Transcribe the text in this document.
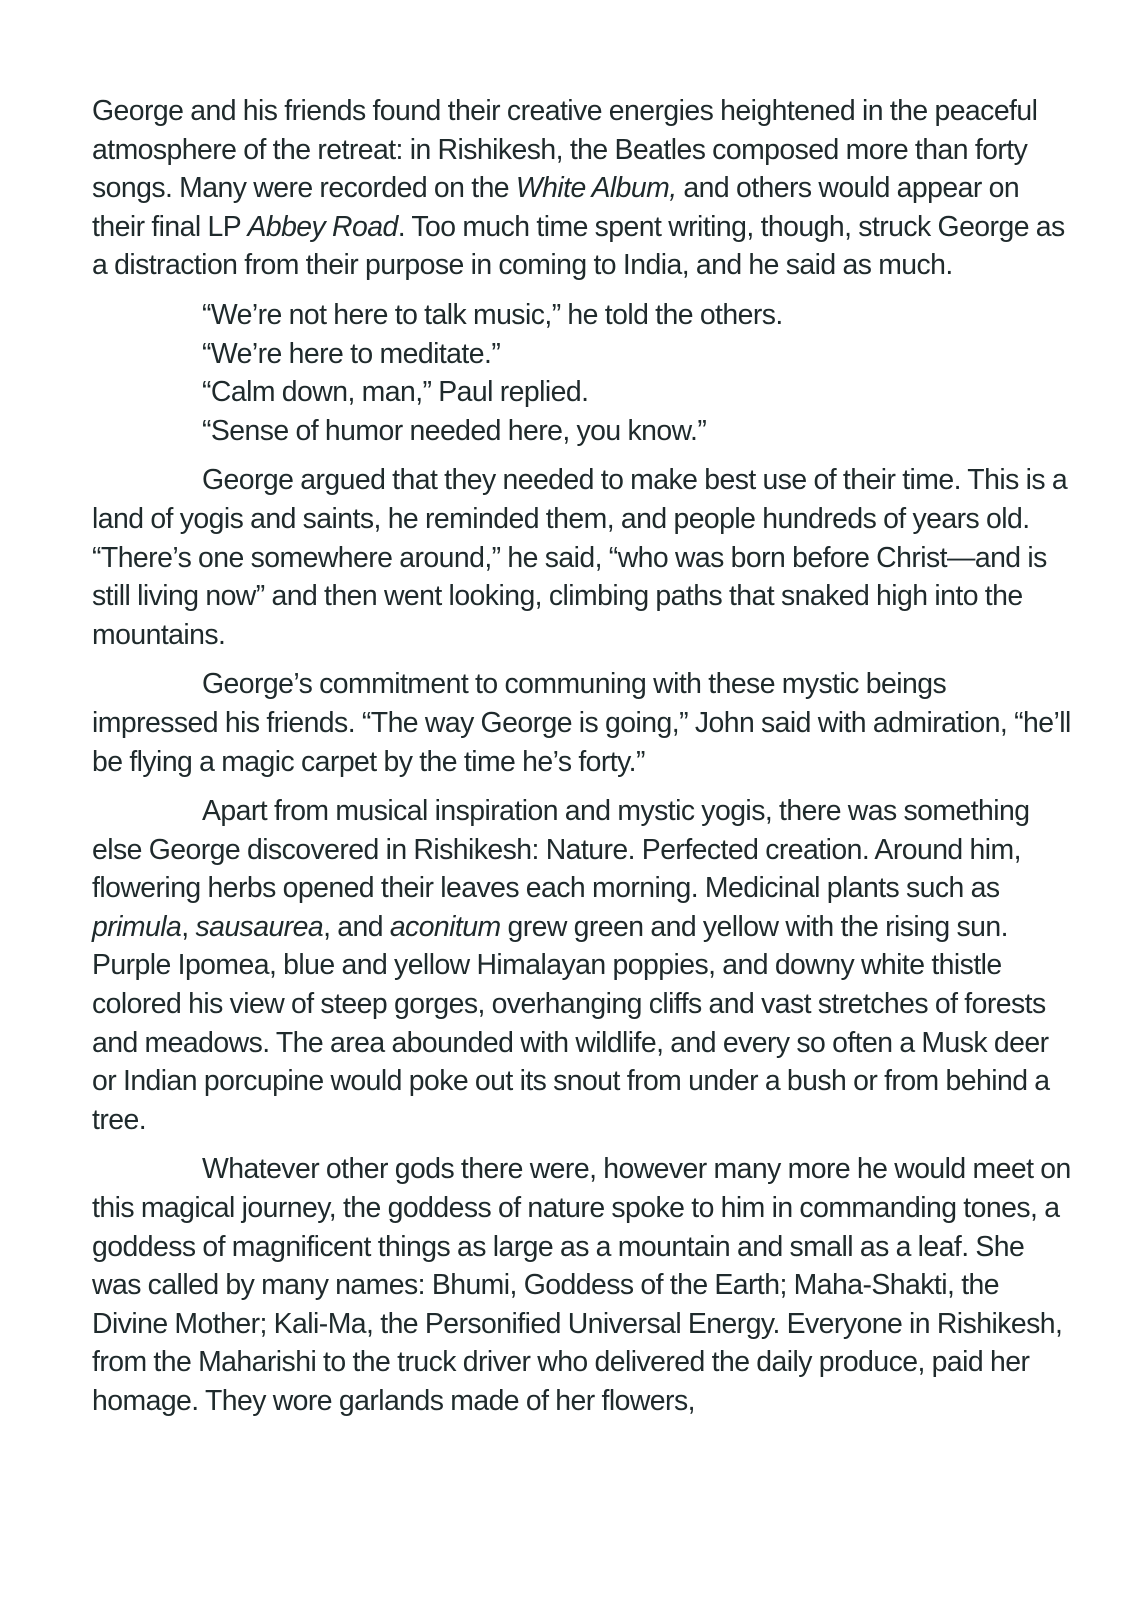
George and his friends found their creative energies heightened in the peaceful atmosphere of the retreat: in Rishikesh, the Beatles composed more than forty songs. Many were recorded on the White Album, and others would appear on their final LP Abbey Road. Too much time spent writing, though, struck George as a distraction from their purpose in coming to India, and he said as much.

“We’re not here to talk music,” he told the others.

“We’re here to meditate.”

“Calm down, man,” Paul replied.

“Sense of humor needed here, you know.”

George argued that they needed to make best use of their time. This is a land of yogis and saints, he reminded them, and people hundreds of years old. “There’s one somewhere around,” he said, “who was born before Christ—and is still living now” and then went looking, climbing paths that snaked high into the mountains.

George’s commitment to communing with these mystic beings impressed his friends. “The way George is going,” John said with admiration, “he’ll be flying a magic carpet by the time he’s forty.”

Apart from musical inspiration and mystic yogis, there was something else George discovered in Rishikesh: Nature. Perfected creation. Around him, flowering herbs opened their leaves each morning. Medicinal plants such as primula, sausaurea, and aconitum grew green and yellow with the rising sun. Purple Ipomea, blue and yellow Himalayan poppies, and downy white thistle colored his view of steep gorges, overhanging cliffs and vast stretches of forests and meadows. The area abounded with wildlife, and every so often a Musk deer or Indian porcupine would poke out its snout from under a bush or from behind a tree.

Whatever other gods there were, however many more he would meet on this magical journey, the goddess of nature spoke to him in commanding tones, a goddess of magnificent things as large as a mountain and small as a leaf. She was called by many names: Bhumi, Goddess of the Earth; Maha-Shakti, the Divine Mother; Kali-Ma, the Personified Universal Energy. Everyone in Rishikesh, from the Maharishi to the truck driver who delivered the daily produce, paid her homage. They wore garlands made of her flowers,
